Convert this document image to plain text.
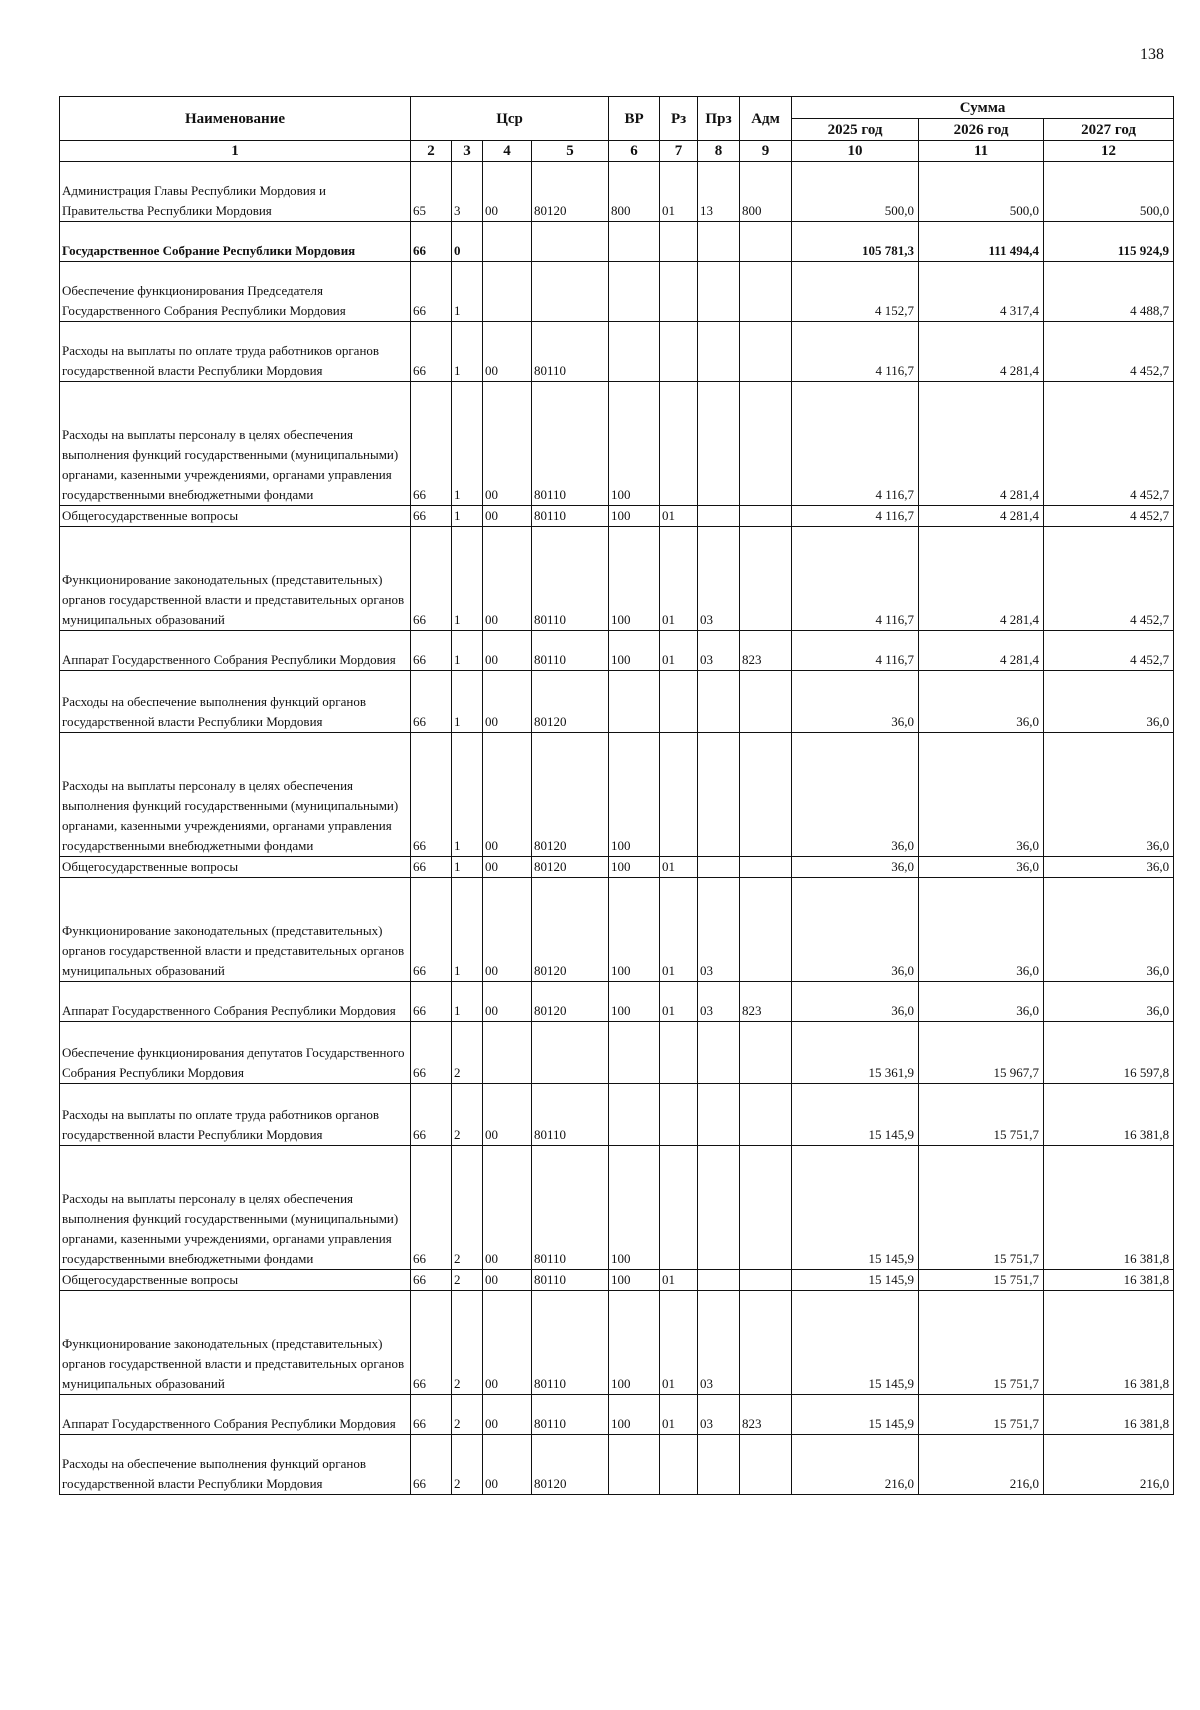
138
Наименование	Цср				ВР	Рз	Прз	Адм	Сумма		
									2025 год	2026 год	2027 год
1	2	3	4	5	6	7	8	9	10	11	12
Администрация Главы Республики Мордовия и Правительства Республики Мордовия	65	3	00	80120	800	01	13	800	500,0	500,0	500,0
Государственное Собрание Республики Мордовия	66	0							105 781,3	111 494,4	115 924,9
Обеспечение функционирования Председателя Государственного Собрания Республики Мордовия	66	1							4 152,7	4 317,4	4 488,7
Расходы на выплаты по оплате труда работников органов государственной власти Республики Мордовия	66	1	00	80110					4 116,7	4 281,4	4 452,7
Расходы на выплаты персоналу в целях обеспечения выполнения функций государственными (муниципальными) органами, казенными учреждениями, органами управления государственными внебюджетными фондами	66	1	00	80110	100				4 116,7	4 281,4	4 452,7
Общегосударственные вопросы	66	1	00	80110	100	01			4 116,7	4 281,4	4 452,7
Функционирование законодательных (представительных) органов государственной власти и представительных органов муниципальных образований	66	1	00	80110	100	01	03		4 116,7	4 281,4	4 452,7
Аппарат Государственного Собрания Республики Мордовия	66	1	00	80110	100	01	03	823	4 116,7	4 281,4	4 452,7
Расходы на обеспечение выполнения функций органов государственной власти Республики Мордовия	66	1	00	80120					36,0	36,0	36,0
Расходы на выплаты персоналу в целях обеспечения выполнения функций государственными (муниципальными) органами, казенными учреждениями, органами управления государственными внебюджетными фондами	66	1	00	80120	100				36,0	36,0	36,0
Общегосударственные вопросы	66	1	00	80120	100	01			36,0	36,0	36,0
Функционирование законодательных (представительных) органов государственной власти и представительных органов муниципальных образований	66	1	00	80120	100	01	03		36,0	36,0	36,0
Аппарат Государственного Собрания Республики Мордовия	66	1	00	80120	100	01	03	823	36,0	36,0	36,0
Обеспечение функционирования депутатов Государственного Собрания Республики Мордовия	66	2							15 361,9	15 967,7	16 597,8
Расходы на выплаты по оплате труда работников органов государственной власти Республики Мордовия	66	2	00	80110					15 145,9	15 751,7	16 381,8
Расходы на выплаты персоналу в целях обеспечения выполнения функций государственными (муниципальными) органами, казенными учреждениями, органами управления государственными внебюджетными фондами	66	2	00	80110	100				15 145,9	15 751,7	16 381,8
Общегосударственные вопросы	66	2	00	80110	100	01			15 145,9	15 751,7	16 381,8
Функционирование законодательных (представительных) органов государственной власти и представительных органов муниципальных образований	66	2	00	80110	100	01	03		15 145,9	15 751,7	16 381,8
Аппарат Государственного Собрания Республики Мордовия	66	2	00	80110	100	01	03	823	15 145,9	15 751,7	16 381,8
Расходы на обеспечение выполнения функций органов государственной власти Республики Мордовия	66	2	00	80120					216,0	216,0	216,0
